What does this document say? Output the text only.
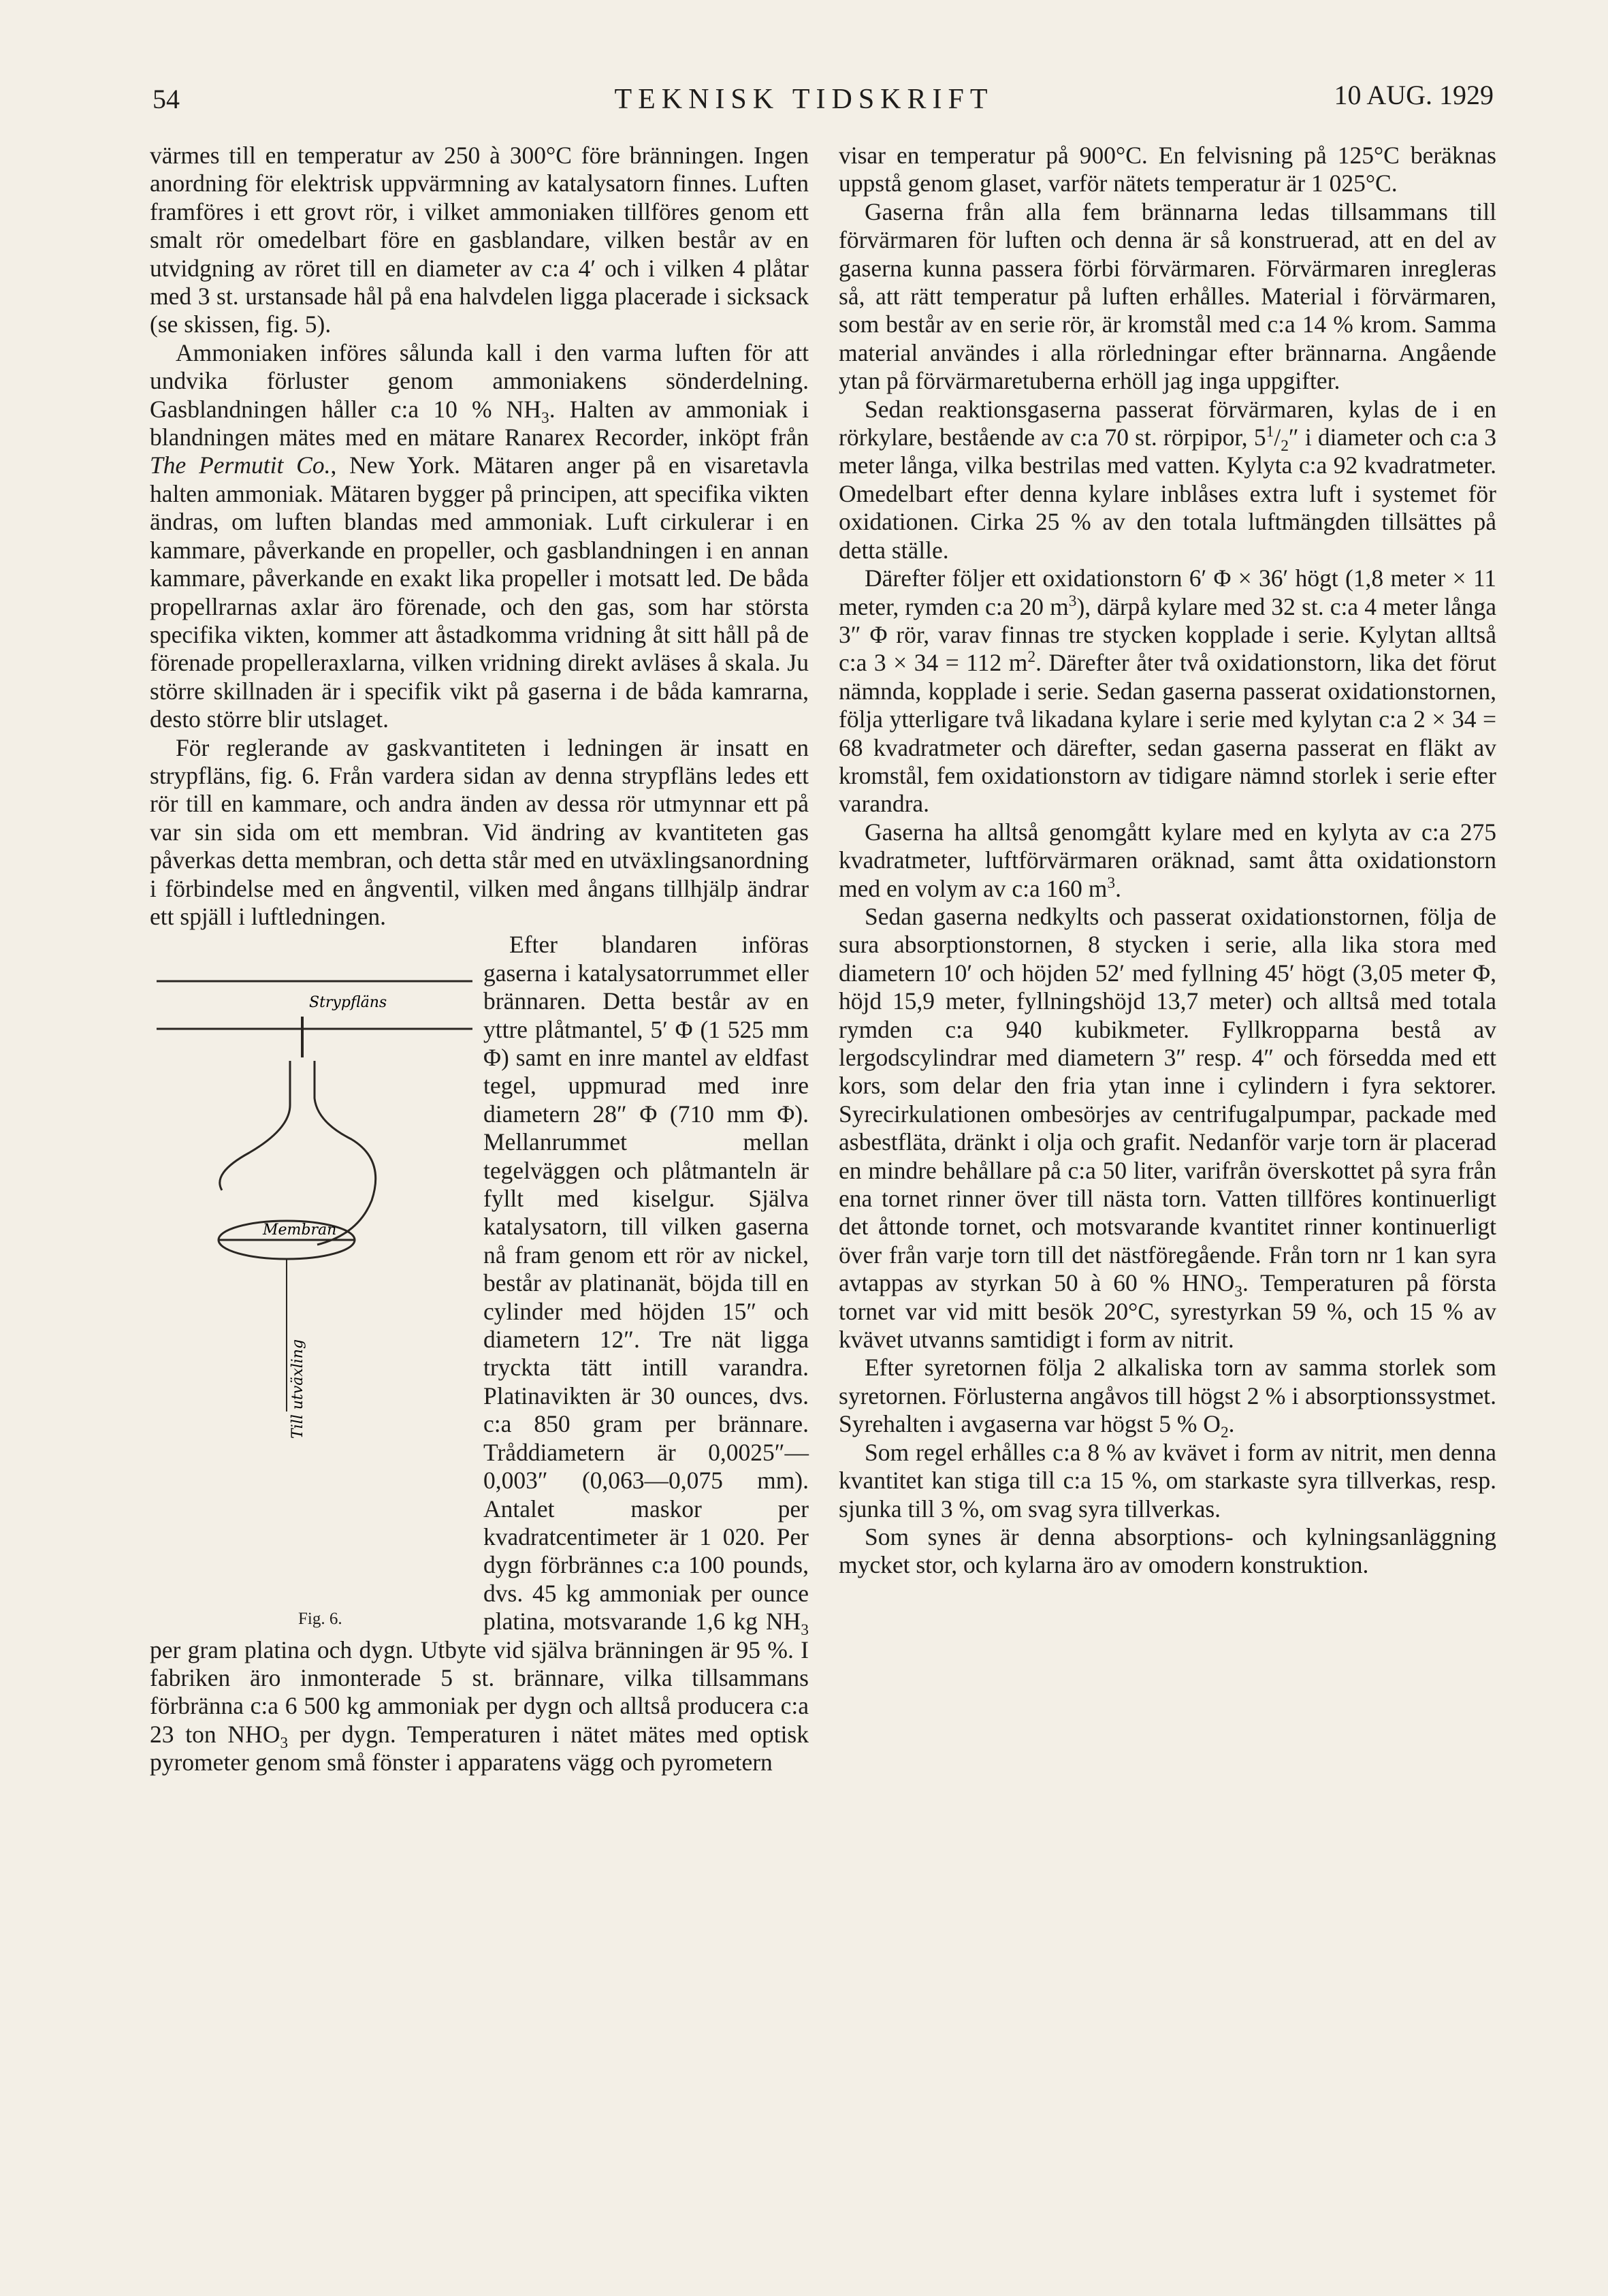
54	TEKNISK TIDSKRIFT	10 AUG. 1929

värmes till en temperatur av 250 à 300°C före bränningen. Ingen anordning för elektrisk uppvärmning av katalysatorn finnes. Luften framföres i ett grovt rör, i vilket ammoniaken tillföres genom ett smalt rör omedelbart före en gasblandare, vilken består av en utvidgning av röret till en diameter av c:a 4′ och i vilken 4 plåtar med 3 st. urstansade hål på ena halvdelen ligga placerade i sicksack (se skissen, fig. 5).

Ammoniaken införes sålunda kall i den varma luften för att undvika förluster genom ammoniakens sönderdelning. Gasblandningen håller c:a 10 % $NH_3$. Halten av ammoniak i blandningen mätes med en mätare Ranarex Recorder, inköpt från The Permutit Co., New York. Mätaren anger på en visaretavla halten ammoniak. Mätaren bygger på principen, att specifika vikten ändras, om luften blandas med ammoniak. Luft cirkulerar i en kammare, påverkande en propeller, och gasblandningen i en annan kammare, påverkande en exakt lika propeller i motsatt led. De båda propellrarnas axlar äro förenade, och den gas, som har största specifika vikten, kommer att åstadkomma vridning åt sitt håll på de förenade propelleraxlarna, vilken vridning direkt avläses å skala. Ju större skillnaden är i specifik vikt på gaserna i de båda kamrarna, desto större blir utslaget.

För reglerande av gaskvantiteten i ledningen är insatt en strypfläns, fig. 6. Från vardera sidan av denna strypfläns ledes ett rör till en kammare, och andra änden av dessa rör utmynnar ett på var sin sida om ett membran. Vid ändring av kvantiteten gas påverkas detta membran, och detta står med en utväxlingsanordning i förbindelse med en ångventil, vilken med ångans tillhjälp ändrar ett spjäll i luftledningen.

Strypfläns
Membran
Till utväxling
Fig. 6.
Efter blandaren införas gaserna i katalysatorrummet eller brännaren. Detta består av en yttre plåtmantel, 5′ Φ (1 525 mm Φ) samt en inre mantel av eldfast tegel, uppmurad med inre diametern 28″ Φ (710 mm Φ). Mellanrummet mellan tegelväggen och plåtmanteln är fyllt med kiselgur. Själva katalysatorn, till vilken gaserna nå fram genom ett rör av nickel, består av platinanät, böjda till en cylinder med höjden 15″ och diametern 12″. Tre nät ligga tryckta tätt intill varandra. Platinavikten är 30 ounces, dvs. c:a 850 gram per brännare. Tråddiametern är 0,0025″—0,003″ (0,063—0,075 mm). Antalet maskor per kvadratcentimeter är 1 020. Per dygn förbrännes c:a 100 pounds, dvs. 45 kg ammoniak per ounce platina, motsvarande 1,6 kg $NH_3$ per gram platina och dygn. Utbyte vid själva bränningen är 95 %. I fabriken äro inmonterade 5 st. brännare, vilka tillsammans förbränna c:a 6 500 kg ammoniak per dygn och alltså producera c:a 23 ton $NHO_3$ per dygn. Temperaturen i nätet mätes med optisk pyrometer genom små fönster i apparatens vägg och pyrometern

visar en temperatur på 900°C. En felvisning på 125°C beräknas uppstå genom glaset, varför nätets temperatur är 1 025°C.

Gaserna från alla fem brännarna ledas tillsammans till förvärmaren för luften och denna är så konstruerad, att en del av gaserna kunna passera förbi förvärmaren. Förvärmaren inregleras så, att rätt temperatur på luften erhålles. Material i förvärmaren, som består av en serie rör, är kromstål med c:a 14 % krom. Samma material användes i alla rörledningar efter brännarna. Angående ytan på förvärmaretuberna erhöll jag inga uppgifter.

Sedan reaktionsgaserna passerat förvärmaren, kylas de i en rörkylare, bestående av c:a 70 st. rörpipor, $5^1/_2''$ i diameter och c:a 3 meter långa, vilka bestrilas med vatten. Kylyta c:a 92 kvadratmeter. Omedelbart efter denna kylare inblåses extra luft i systemet för oxidationen. Cirka 25 % av den totala luftmängden tillsättes på detta ställe.

Därefter följer ett oxidationstorn 6′ Φ × 36′ högt (1,8 meter × 11 meter, rymden c:a 20 $m^3$), därpå kylare med 32 st. c:a 4 meter långa 3″ Φ rör, varav finnas tre stycken kopplade i serie. Kylytan alltså c:a 3 × 34 = 112 $m^2$. Därefter åter två oxidationstorn, lika det förut nämnda, kopplade i serie. Sedan gaserna passerat oxidationstornen, följa ytterligare två likadana kylare i serie med kylytan c:a 2 × 34 = 68 kvadratmeter och därefter, sedan gaserna passerat en fläkt av kromstål, fem oxidationstorn av tidigare nämnd storlek i serie efter varandra.

Gaserna ha alltså genomgått kylare med en kylyta av c:a 275 kvadratmeter, luftförvärmaren oräknad, samt åtta oxidationstorn med en volym av c:a 160 $m^3$.

Sedan gaserna nedkylts och passerat oxidationstornen, följa de sura absorptionstornen, 8 stycken i serie, alla lika stora med diametern 10′ och höjden 52′ med fyllning 45′ högt (3,05 meter Φ, höjd 15,9 meter, fyllningshöjd 13,7 meter) och alltså med totala rymden c:a 940 kubikmeter. Fyllkropparna bestå av lergodscylindrar med diametern 3″ resp. 4″ och försedda med ett kors, som delar den fria ytan inne i cylindern i fyra sektorer. Syrecirkulationen ombesörjes av centrifugalpumpar, packade med asbestfläta, dränkt i olja och grafit. Nedanför varje torn är placerad en mindre behållare på c:a 50 liter, varifrån överskottet på syra från ena tornet rinner över till nästa torn. Vatten tillföres kontinuerligt det åttonde tornet, och motsvarande kvantitet rinner kontinuerligt över från varje torn till det nästföregående. Från torn nr 1 kan syra avtappas av styrkan 50 à 60 % $HNO_3$. Temperaturen på första tornet var vid mitt besök 20°C, syrestyrkan 59 %, och 15 % av kvävet utvanns samtidigt i form av nitrit.

Efter syretornen följa 2 alkaliska torn av samma storlek som syretornen. Förlusterna angåvos till högst 2 % i absorptionssystmet. Syrehalten i avgaserna var högst 5 % $O_2$.

Som regel erhålles c:a 8 % av kvävet i form av nitrit, men denna kvantitet kan stiga till c:a 15 %, om starkaste syra tillverkas, resp. sjunka till 3 %, om svag syra tillverkas.

Som synes är denna absorptions- och kylningsanläggning mycket stor, och kylarna äro av omodern konstruktion.
